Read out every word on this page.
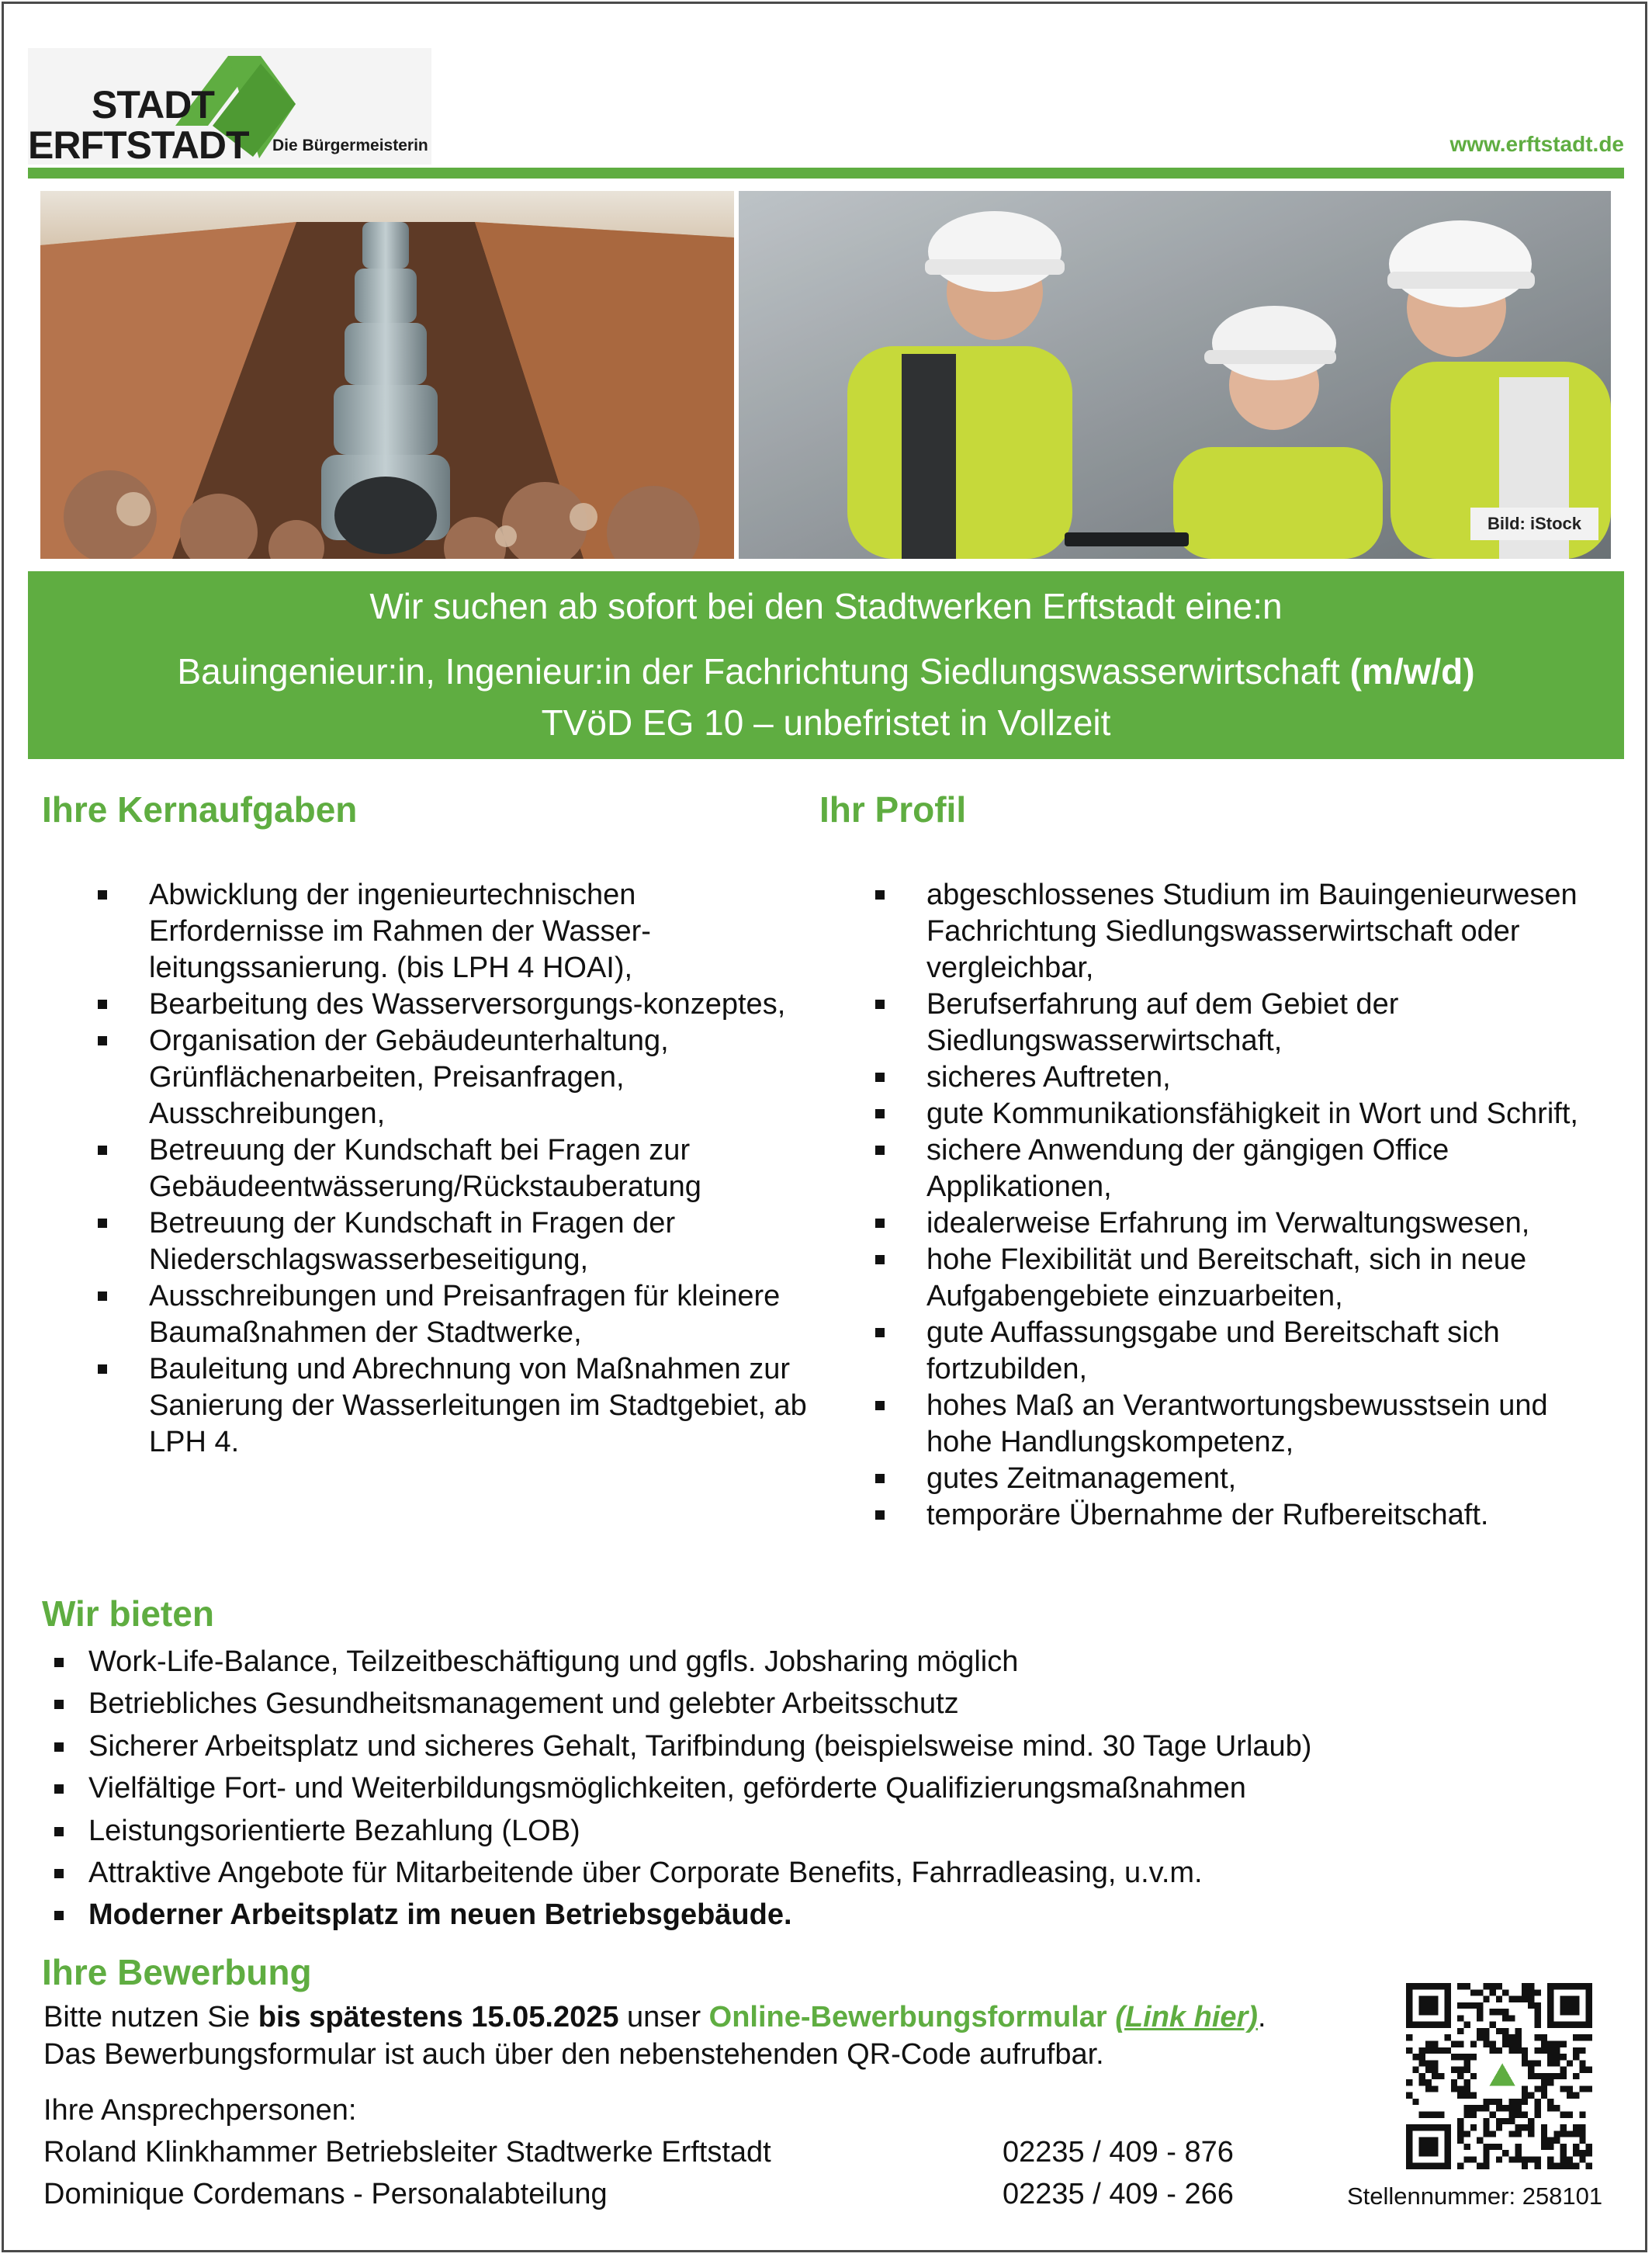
STADT
ERFTSTADT Die Bürgermeisterin	www.erftstadt.de
Bild: iStock
Wir suchen ab sofort bei den Stadtwerken Erftstadt eine:n
Bauingenieur:in, Ingenieur:in der Fachrichtung Siedlungswasserwirtschaft (m/w/d)
TVöD EG 10 – unbefristet in Vollzeit
Ihre Kernaufgaben
Abwicklung der ingenieurtechnischen Erfordernisse im Rahmen der Wasser-leitungssanierung. (bis LPH 4 HOAI),
Bearbeitung des Wasserversorgungs-konzeptes,
Organisation der Gebäudeunterhaltung, Grünflächenarbeiten, Preisanfragen, Ausschreibungen,
Betreuung der Kundschaft bei Fragen zur Gebäudeentwässerung/Rückstauberatung
Betreuung der Kundschaft in Fragen der Niederschlagswasserbeseitigung,
Ausschreibungen und Preisanfragen für kleinere Baumaßnahmen der Stadtwerke,
Bauleitung und Abrechnung von Maßnahmen zur Sanierung der Wasserleitungen im Stadtgebiet, ab LPH 4.
Ihr Profil
abgeschlossenes Studium im Bauingenieurwesen Fachrichtung Siedlungswasserwirtschaft oder vergleichbar,
Berufserfahrung auf dem Gebiet der Siedlungswasserwirtschaft,
sicheres Auftreten,
gute Kommunikationsfähigkeit in Wort und Schrift,
sichere Anwendung der gängigen Office Applikationen,
idealerweise Erfahrung im Verwaltungswesen,
hohe Flexibilität und Bereitschaft, sich in neue Aufgabengebiete einzuarbeiten,
gute Auffassungsgabe und Bereitschaft sich fortzubilden,
hohes Maß an Verantwortungsbewusstsein und hohe Handlungskompetenz,
gutes Zeitmanagement,
temporäre Übernahme der Rufbereitschaft.
Wir bieten
Work-Life-Balance, Teilzeitbeschäftigung und ggfls. Jobsharing möglich
Betriebliches Gesundheitsmanagement und gelebter Arbeitsschutz
Sicherer Arbeitsplatz und sicheres Gehalt, Tarifbindung (beispielsweise mind. 30 Tage Urlaub)
Vielfältige Fort- und Weiterbildungsmöglichkeiten, geförderte Qualifizierungsmaßnahmen
Leistungsorientierte Bezahlung (LOB)
Attraktive Angebote für Mitarbeitende über Corporate Benefits, Fahrradleasing, u.v.m.
Moderner Arbeitsplatz im neuen Betriebsgebäude.
Ihre Bewerbung
Bitte nutzen Sie bis spätestens 15.05.2025 unser Online-Bewerbungsformular (Link hier).
Das Bewerbungsformular ist auch über den nebenstehenden QR-Code aufrufbar.
Ihre Ansprechpersonen:
Roland Klinkhammer Betriebsleiter Stadtwerke Erftstadt	02235 / 409 - 876
Dominique Cordemans - Personalabteilung	02235 / 409 - 266	Stellennummer: 258101
